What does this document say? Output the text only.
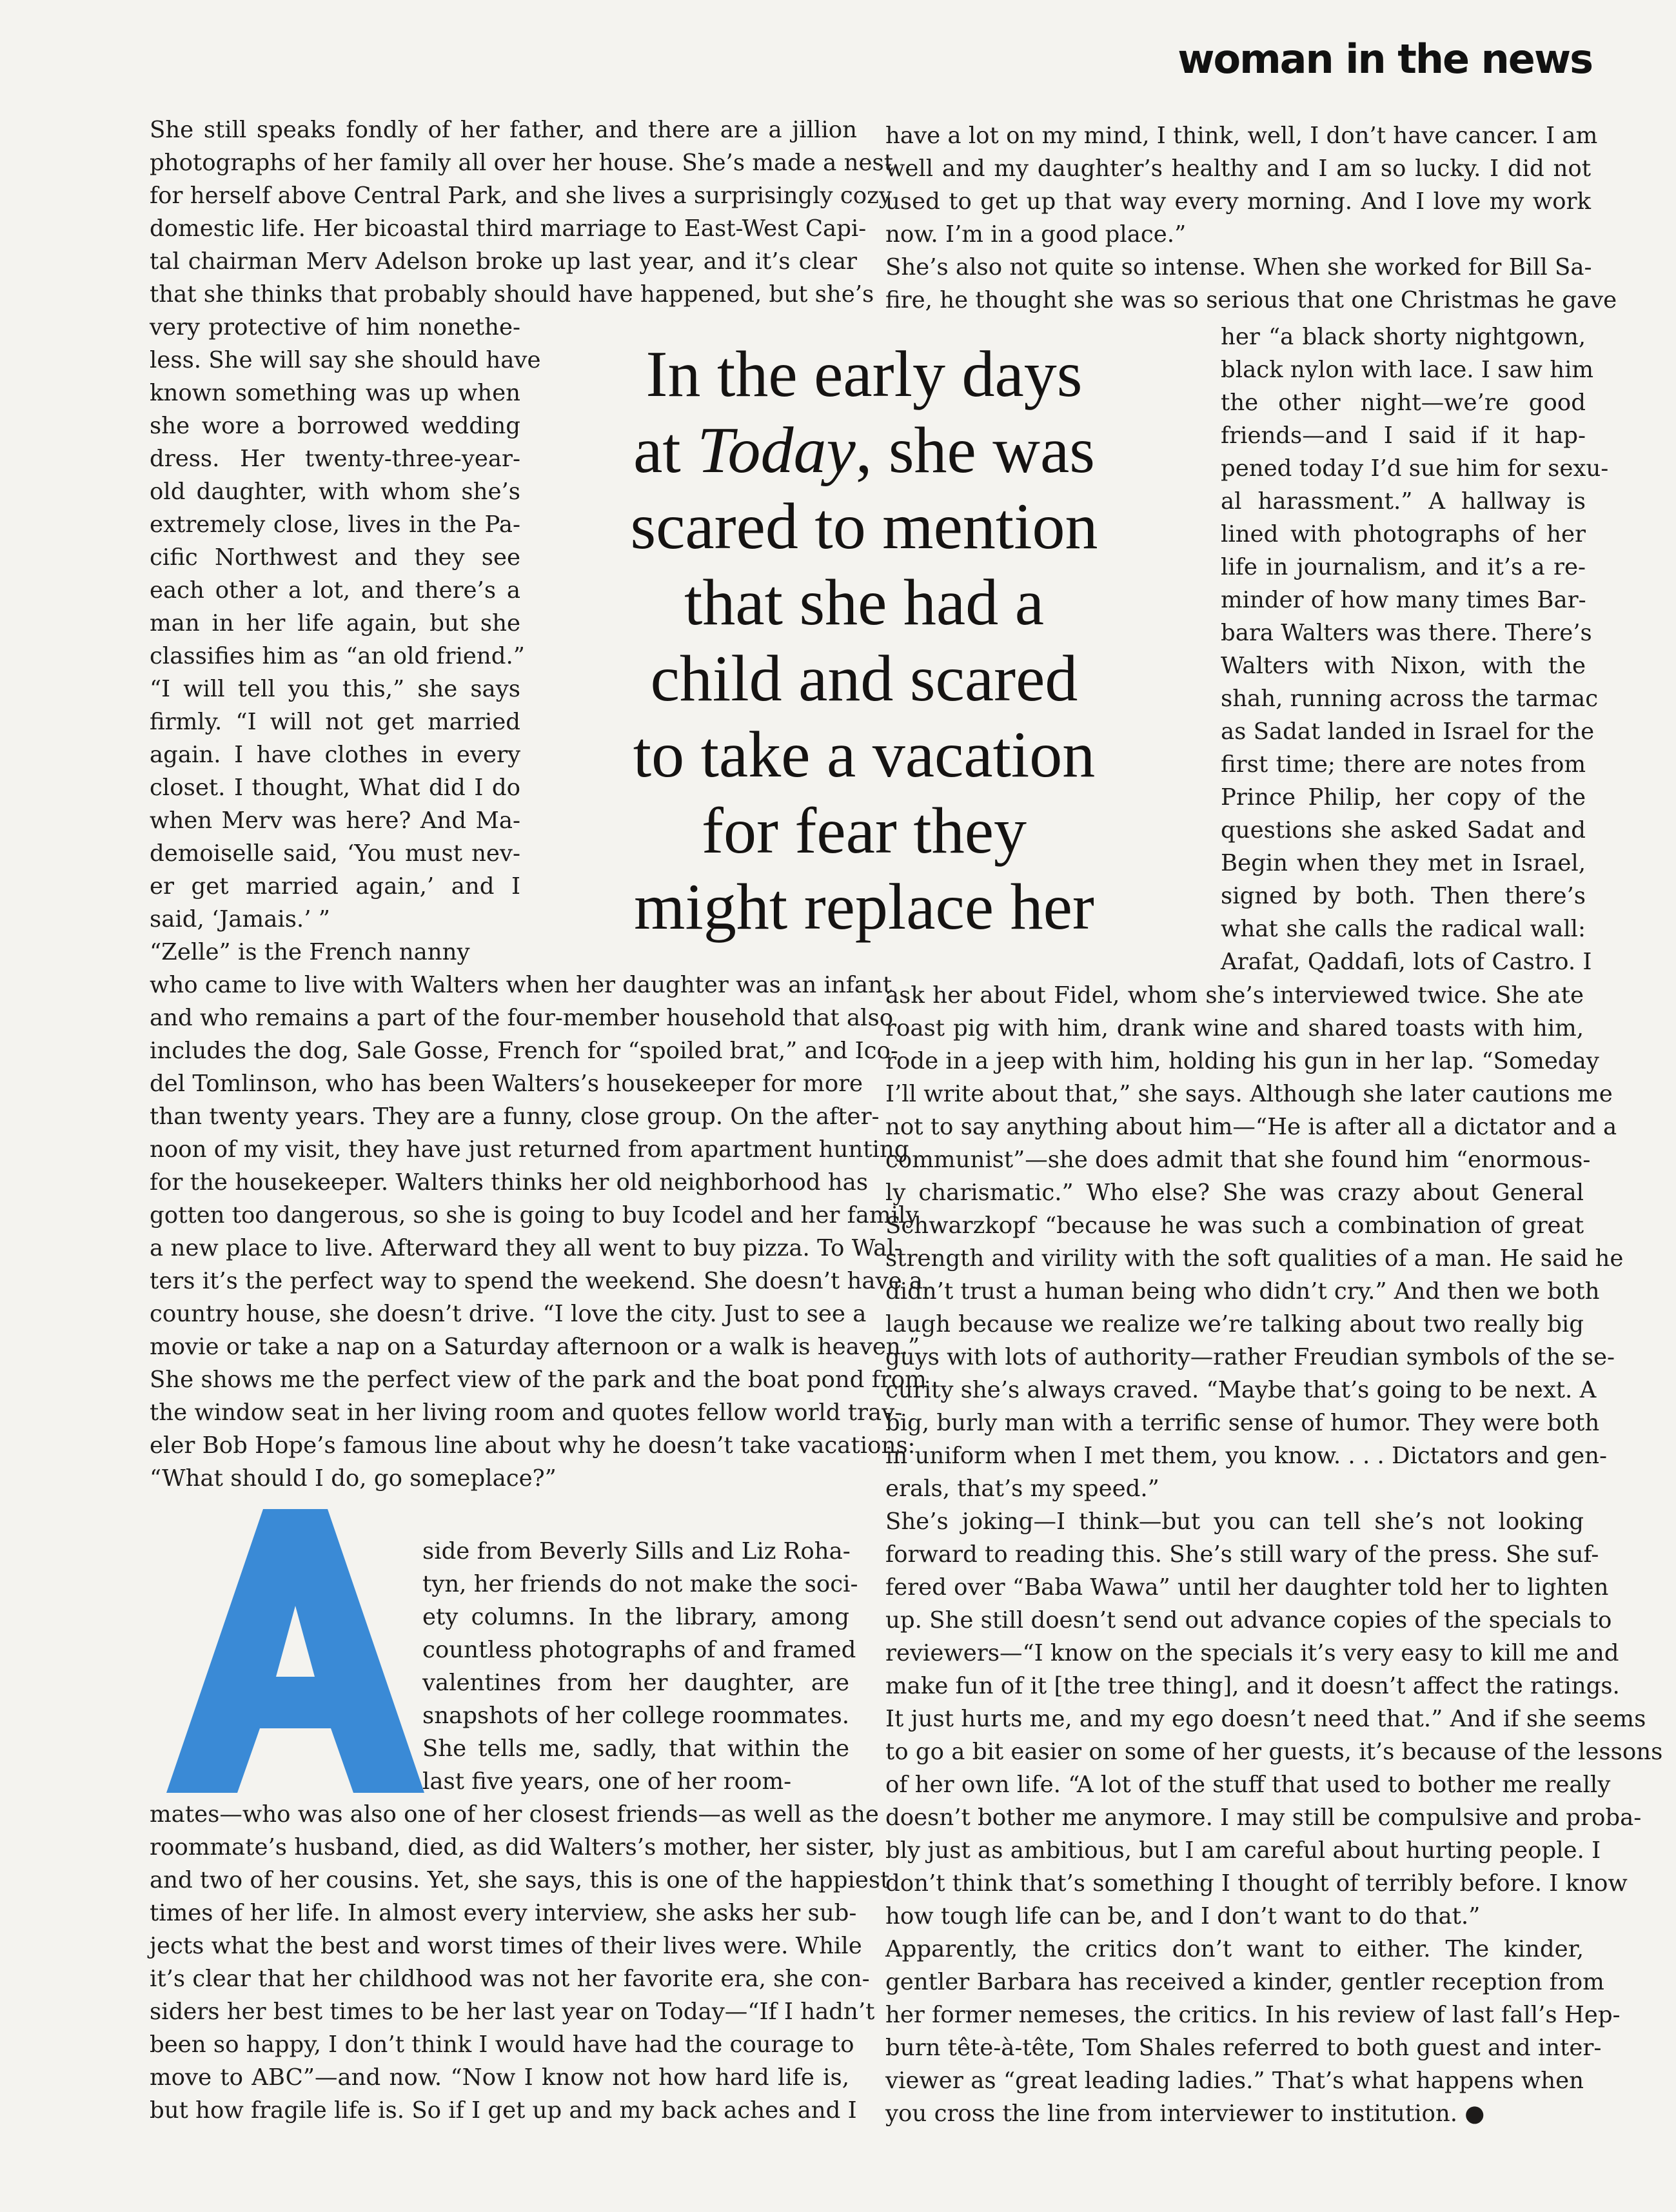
woman in the news
She still speaks fondly of her father, and there are a jillion
photographs of her family all over her house. She’s made a nest
for herself above Central Park, and she lives a surprisingly cozy
domestic life. Her bicoastal third marriage to East-West Capi-
tal chairman Merv Adelson broke up last year, and it’s clear
that she thinks that probably should have happened, but she’s
very protective of him nonethe-
less. She will say she should have
known something was up when
she wore a borrowed wedding
dress. Her twenty-three-year-
old daughter, with whom she’s
extremely close, lives in the Pa-
cific Northwest and they see
each other a lot, and there’s a
man in her life again, but she
classifies him as “an old friend.”
“I will tell you this,” she says
firmly. “I will not get married
again. I have clothes in every
closet. I thought, What did I do
when Merv was here? And Ma-
demoiselle said, ‘You must nev-
er get married again,’ and I
said, ‘Jamais.’ ”
“Zelle” is the French nanny
who came to live with Walters when her daughter was an infant
and who remains a part of the four-member household that also
includes the dog, Sale Gosse, French for “spoiled brat,” and Ico-
del Tomlinson, who has been Walters’s housekeeper for more
than twenty years. They are a funny, close group. On the after-
noon of my visit, they have just returned from apartment hunting
for the housekeeper. Walters thinks her old neighborhood has
gotten too dangerous, so she is going to buy Icodel and her family
a new place to live. Afterward they all went to buy pizza. To Wal-
ters it’s the perfect way to spend the weekend. She doesn’t have a
country house, she doesn’t drive. “I love the city. Just to see a
movie or take a nap on a Saturday afternoon or a walk is heaven.”
She shows me the perfect view of the park and the boat pond from
the window seat in her living room and quotes fellow world trav-
eler Bob Hope’s famous line about why he doesn’t take vacations:
“What should I do, go someplace?”
side from Beverly Sills and Liz Roha-
tyn, her friends do not make the soci-
ety columns. In the library, among
countless photographs of and framed
valentines from her daughter, are
snapshots of her college roommates.
She tells me, sadly, that within the
last five years, one of her room-
mates—who was also one of her closest friends—as well as the
roommate’s husband, died, as did Walters’s mother, her sister,
and two of her cousins. Yet, she says, this is one of the happiest
times of her life. In almost every interview, she asks her sub-
jects what the best and worst times of their lives were. While
it’s clear that her childhood was not her favorite era, she con-
siders her best times to be her last year on Today—“If I hadn’t
been so happy, I don’t think I would have had the courage to
move to ABC”—and now. “Now I know not how hard life is,
but how fragile life is. So if I get up and my back aches and I
have a lot on my mind, I think, well, I don’t have cancer. I am
well and my daughter’s healthy and I am so lucky. I did not
used to get up that way every morning. And I love my work
now. I’m in a good place.”
She’s also not quite so intense. When she worked for Bill Sa-
fire, he thought she was so serious that one Christmas he gave
her “a black shorty nightgown,
black nylon with lace. I saw him
the other night—we’re good
friends—and I said if it hap-
pened today I’d sue him for sexu-
al harassment.” A hallway is
lined with photographs of her
life in journalism, and it’s a re-
minder of how many times Bar-
bara Walters was there. There’s
Walters with Nixon, with the
shah, running across the tarmac
as Sadat landed in Israel for the
first time; there are notes from
Prince Philip, her copy of the
questions she asked Sadat and
Begin when they met in Israel,
signed by both. Then there’s
what she calls the radical wall:
Arafat, Qaddafi, lots of Castro. I
ask her about Fidel, whom she’s interviewed twice. She ate
roast pig with him, drank wine and shared toasts with him,
rode in a jeep with him, holding his gun in her lap. “Someday
I’ll write about that,” she says. Although she later cautions me
not to say anything about him—“He is after all a dictator and a
communist”—she does admit that she found him “enormous-
ly charismatic.” Who else? She was crazy about General
Schwarzkopf “because he was such a combination of great
strength and virility with the soft qualities of a man. He said he
didn’t trust a human being who didn’t cry.” And then we both
laugh because we realize we’re talking about two really big
guys with lots of authority—rather Freudian symbols of the se-
curity she’s always craved. “Maybe that’s going to be next. A
big, burly man with a terrific sense of humor. They were both
in uniform when I met them, you know. . . . Dictators and gen-
erals, that’s my speed.”
She’s joking—I think—but you can tell she’s not looking
forward to reading this. She’s still wary of the press. She suf-
fered over “Baba Wawa” until her daughter told her to lighten
up. She still doesn’t send out advance copies of the specials to
reviewers—“I know on the specials it’s very easy to kill me and
make fun of it [the tree thing], and it doesn’t affect the ratings.
It just hurts me, and my ego doesn’t need that.” And if she seems
to go a bit easier on some of her guests, it’s because of the lessons
of her own life. “A lot of the stuff that used to bother me really
doesn’t bother me anymore. I may still be compulsive and proba-
bly just as ambitious, but I am careful about hurting people. I
don’t think that’s something I thought of terribly before. I know
how tough life can be, and I don’t want to do that.”
Apparently, the critics don’t want to either. The kinder,
gentler Barbara has received a kinder, gentler reception from
her former nemeses, the critics. In his review of last fall’s Hep-
burn tête-à-tête, Tom Shales referred to both guest and inter-
viewer as “great leading ladies.” That’s what happens when
you cross the line from interviewer to institution. ●
In the early days
at Today, she was
scared to mention
that she had a
child and scared
to take a vacation
for fear they
might replace her
